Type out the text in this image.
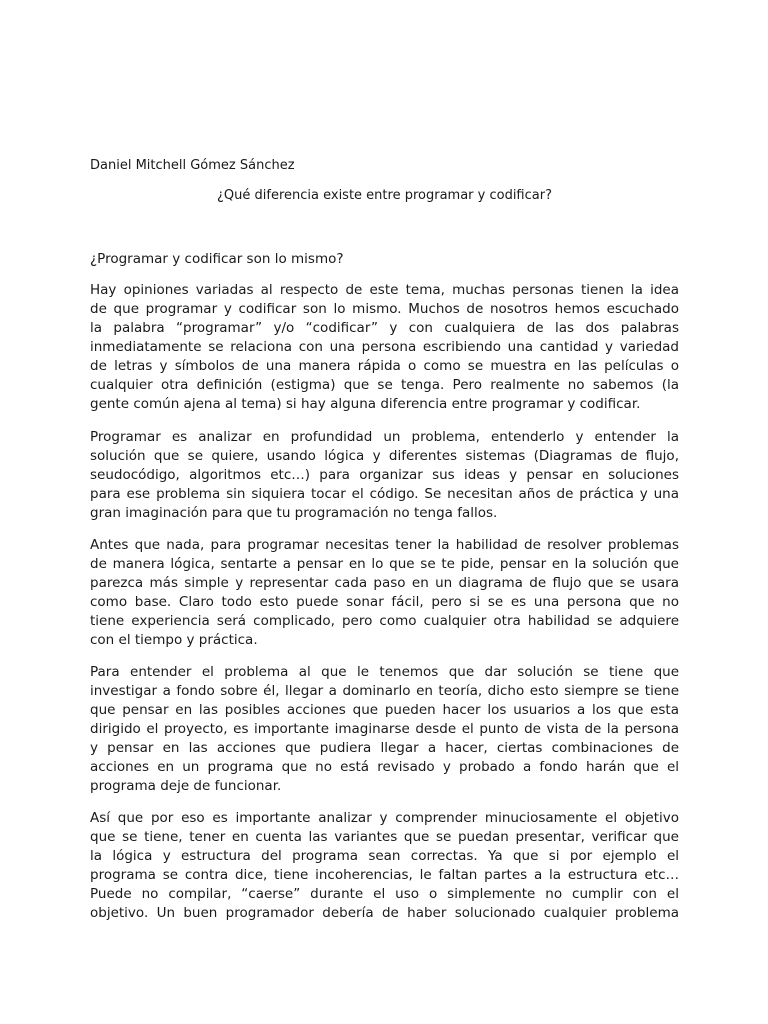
Daniel Mitchell Gómez Sánchez
¿Qué diferencia existe entre programar y codificar?
¿Programar y codificar son lo mismo?
Hay opiniones variadas al respecto de este tema, muchas personas tienen la idea
de que programar y codificar son lo mismo. Muchos de nosotros hemos escuchado
la palabra “programar” y/o “codificar” y con cualquiera de las dos palabras
inmediatamente se relaciona con una persona escribiendo una cantidad y variedad
de letras y símbolos de una manera rápida o como se muestra en las películas o
cualquier otra definición (estigma) que se tenga. Pero realmente no sabemos (la
gente común ajena al tema) si hay alguna diferencia entre programar y codificar.
Programar es analizar en profundidad un problema, entenderlo y entender la
solución que se quiere, usando lógica y diferentes sistemas (Diagramas de flujo,
seudocódigo, algoritmos etc…) para organizar sus ideas y pensar en soluciones
para ese problema sin siquiera tocar el código. Se necesitan años de práctica y una
gran imaginación para que tu programación no tenga fallos.
Antes que nada, para programar necesitas tener la habilidad de resolver problemas
de manera lógica, sentarte a pensar en lo que se te pide, pensar en la solución que
parezca más simple y representar cada paso en un diagrama de flujo que se usara
como base. Claro todo esto puede sonar fácil, pero si se es una persona que no
tiene experiencia será complicado, pero como cualquier otra habilidad se adquiere
con el tiempo y práctica.
Para entender el problema al que le tenemos que dar solución se tiene que
investigar a fondo sobre él, llegar a dominarlo en teoría, dicho esto siempre se tiene
que pensar en las posibles acciones que pueden hacer los usuarios a los que esta
dirigido el proyecto, es importante imaginarse desde el punto de vista de la persona
y pensar en las acciones que pudiera llegar a hacer, ciertas combinaciones de
acciones en un programa que no está revisado y probado a fondo harán que el
programa deje de funcionar.
Así que por eso es importante analizar y comprender minuciosamente el objetivo
que se tiene, tener en cuenta las variantes que se puedan presentar, verificar que
la lógica y estructura del programa sean correctas. Ya que si por ejemplo el
programa se contra dice, tiene incoherencias, le faltan partes a la estructura etc…
Puede no compilar, “caerse” durante el uso o simplemente no cumplir con el
objetivo. Un buen programador debería de haber solucionado cualquier problema
